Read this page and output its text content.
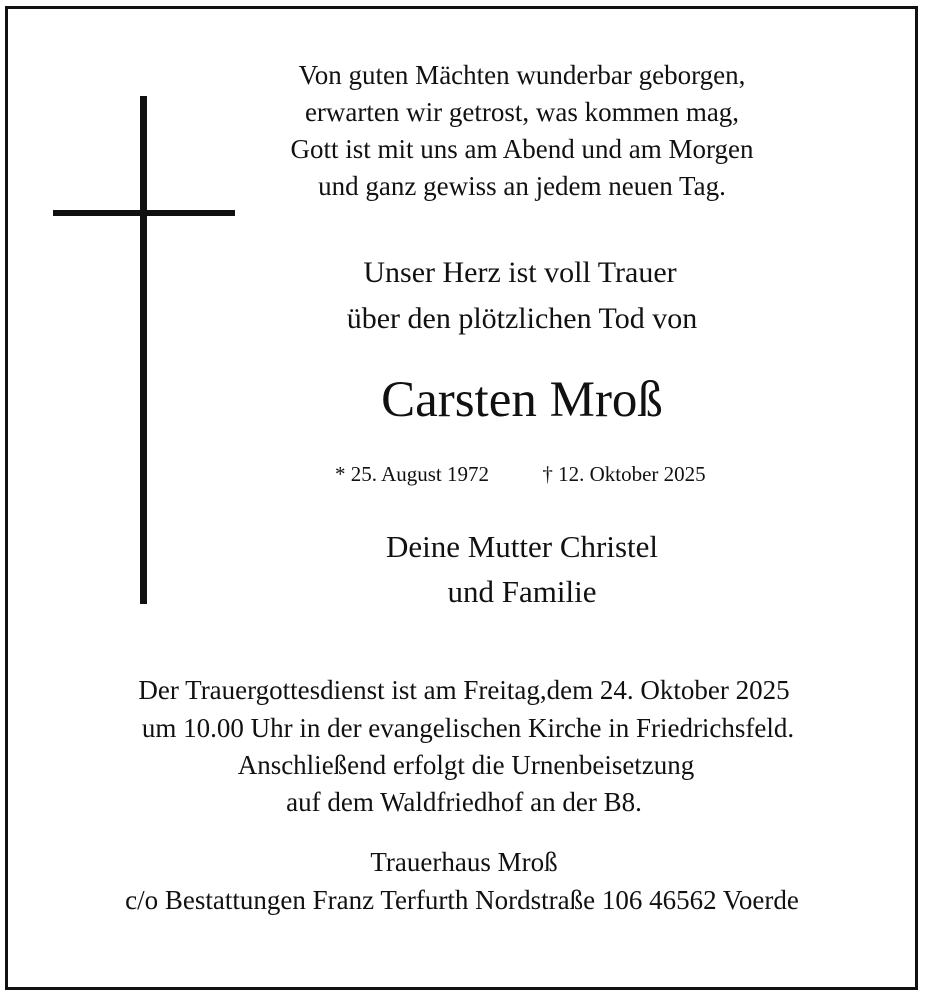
Von guten Mächten wunderbar geborgen,
erwarten wir getrost, was kommen mag,
Gott ist mit uns am Abend und am Morgen
und ganz gewiss an jedem neuen Tag.
Unser Herz ist voll Trauer
über den plötzlichen Tod von
Carsten Mroß
* 25. August 1972	† 12. Oktober 2025
Deine Mutter Christel
und Familie
Der Trauergottesdienst ist am Freitag,dem 24. Oktober 2025
um 10.00 Uhr in der evangelischen Kirche in Friedrichsfeld.
Anschließend erfolgt die Urnenbeisetzung
auf dem Waldfriedhof an der B8.
Trauerhaus Mroß
c/o Bestattungen Franz Terfurth Nordstraße 106 46562 Voerde
